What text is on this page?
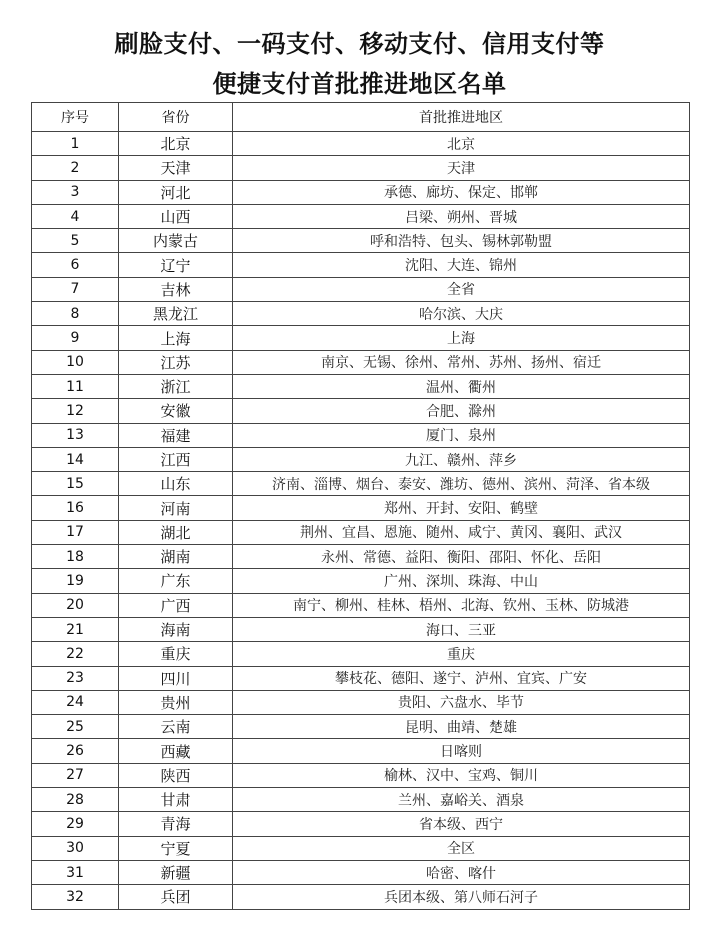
刷脸支付、一码支付、移动支付、信用支付等
便捷支付首批推进地区名单
序号	省份	首批推进地区
1	北京	北京
2	天津	天津
3	河北	承德、廊坊、保定、邯郸
4	山西	吕梁、朔州、晋城
5	内蒙古	呼和浩特、包头、锡林郭勒盟
6	辽宁	沈阳、大连、锦州
7	吉林	全省
8	黑龙江	哈尔滨、大庆
9	上海	上海
10	江苏	南京、无锡、徐州、常州、苏州、扬州、宿迁
11	浙江	温州、衢州
12	安徽	合肥、滁州
13	福建	厦门、泉州
14	江西	九江、赣州、萍乡
15	山东	济南、淄博、烟台、泰安、潍坊、德州、滨州、菏泽、省本级
16	河南	郑州、开封、安阳、鹤壁
17	湖北	荆州、宜昌、恩施、随州、咸宁、黄冈、襄阳、武汉
18	湖南	永州、常德、益阳、衡阳、邵阳、怀化、岳阳
19	广东	广州、深圳、珠海、中山
20	广西	南宁、柳州、桂林、梧州、北海、钦州、玉林、防城港
21	海南	海口、三亚
22	重庆	重庆
23	四川	攀枝花、德阳、遂宁、泸州、宜宾、广安
24	贵州	贵阳、六盘水、毕节
25	云南	昆明、曲靖、楚雄
26	西藏	日喀则
27	陕西	榆林、汉中、宝鸡、铜川
28	甘肃	兰州、嘉峪关、酒泉
29	青海	省本级、西宁
30	宁夏	全区
31	新疆	哈密、喀什
32	兵团	兵团本级、第八师石河子
